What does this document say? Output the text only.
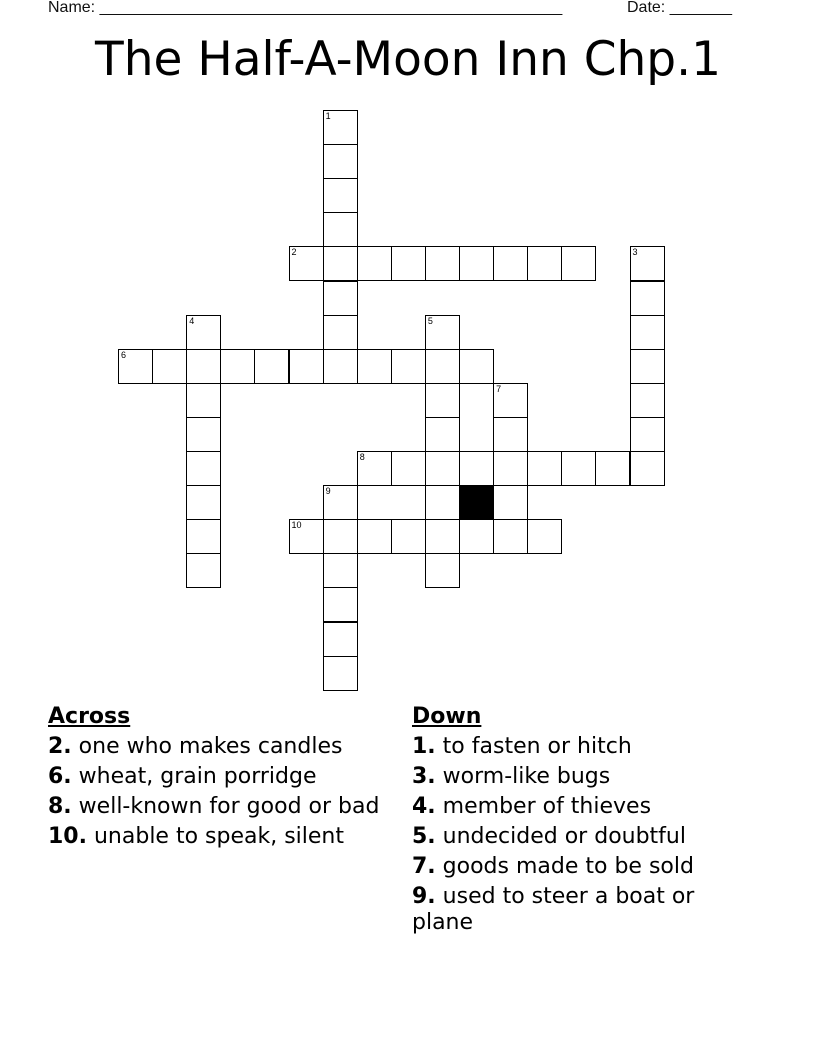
Name: ____________________________________________________	Date: _______
The Half-A-Moon Inn Chp.1
1
2	3
4	5
6
7
8
9
10
Across
2. one who makes candles
6. wheat, grain porridge
8. well-known for good or bad
10. unable to speak, silent
Down
1. to fasten or hitch
3. worm-like bugs
4. member of thieves
5. undecided or doubtful
7. goods made to be sold
9. used to steer a boat or plane
